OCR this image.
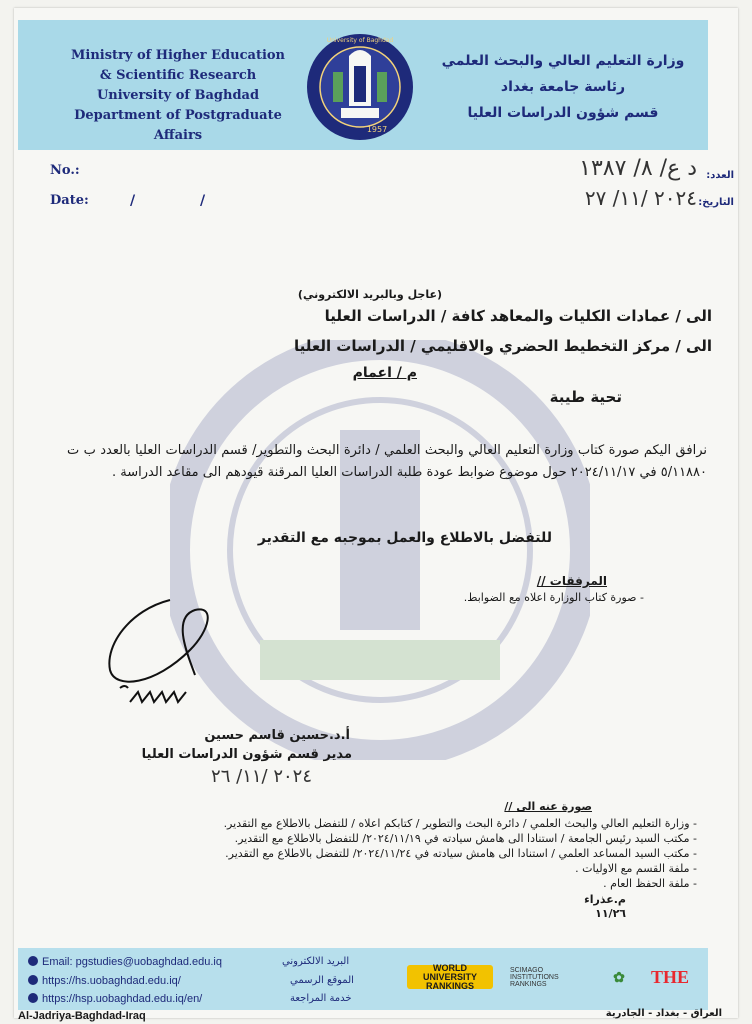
Ministry of Higher Education
& Scientific Research
University of Baghdad
Department of Postgraduate Affairs
University of Baghdad
1957
وزارة التعليم العالي والبحث العلمي
رئاسة جامعة بغداد
قسم شؤون الدراسات العليا
No.:
Date:	/ /
العدد:
التاريخ:
د ع/ ٨/ ١٣٨٧
٢٠٢٤ /١١/ ٢٧
(عاجل وبالبريد الالكتروني)
الى / عمادات الكليات والمعاهد كافة / الدراسات العليا
الى / مركز التخطيط الحضري والاقليمي / الدراسات العليا
م / اعمام
تحية طيبة
نرافق اليكم صورة كتاب وزارة التعليم العالي والبحث العلمي / دائرة البحث والتطوير/ قسم الدراسات العليا بالعدد ب ت ٥/١١٨٨٠ في ٢٠٢٤/١١/١٧ حول موضوع ضوابط عودة طلبة الدراسات العليا المرقنة قيودهم الى مقاعد الدراسة .
للتفضل بالاطلاع والعمل بموجبه مع التقدير
المرفقات //
- صورة كتاب الوزارة اعلاه مع الضوابط.
أ.د.حسين قاسم حسين
مدير قسم شؤون الدراسات العليا
٢٠٢٤ /١١/ ٢٦
صورة عنه الى //
- وزارة التعليم العالي والبحث العلمي / دائرة البحث والتطوير / كتابكم اعلاه / للتفضل بالاطلاع مع التقدير.
- مكتب السيد رئيس الجامعة / استنادا الى هامش سيادته في ٢٠٢٤/١١/١٩/ للتفضل بالاطلاع مع التقدير.
- مكتب السيد المساعد العلمي / استنادا الى هامش سيادته في ٢٠٢٤/١١/٢٤/ للتفضل بالاطلاع مع التقدير.
- ملفة القسم مع الاوليات .
- ملفة الحفظ العام .
م.عذراء
١١/٢٦
Email: pgstudies@uobaghdad.edu.iq
https://hs.uobaghdad.edu.iq/
https://hsp.uobaghdad.edu.iq/en/
البريد الالكتروني
الموقع الرسمي
خدمة المراجعة
WORLD UNIVERSITY RANKINGS
SCIMAGO INSTITUTIONS RANKINGS	✿	THE
Al-Jadriya-Baghdad-Iraq	العراق - بغداد - الجادرية
